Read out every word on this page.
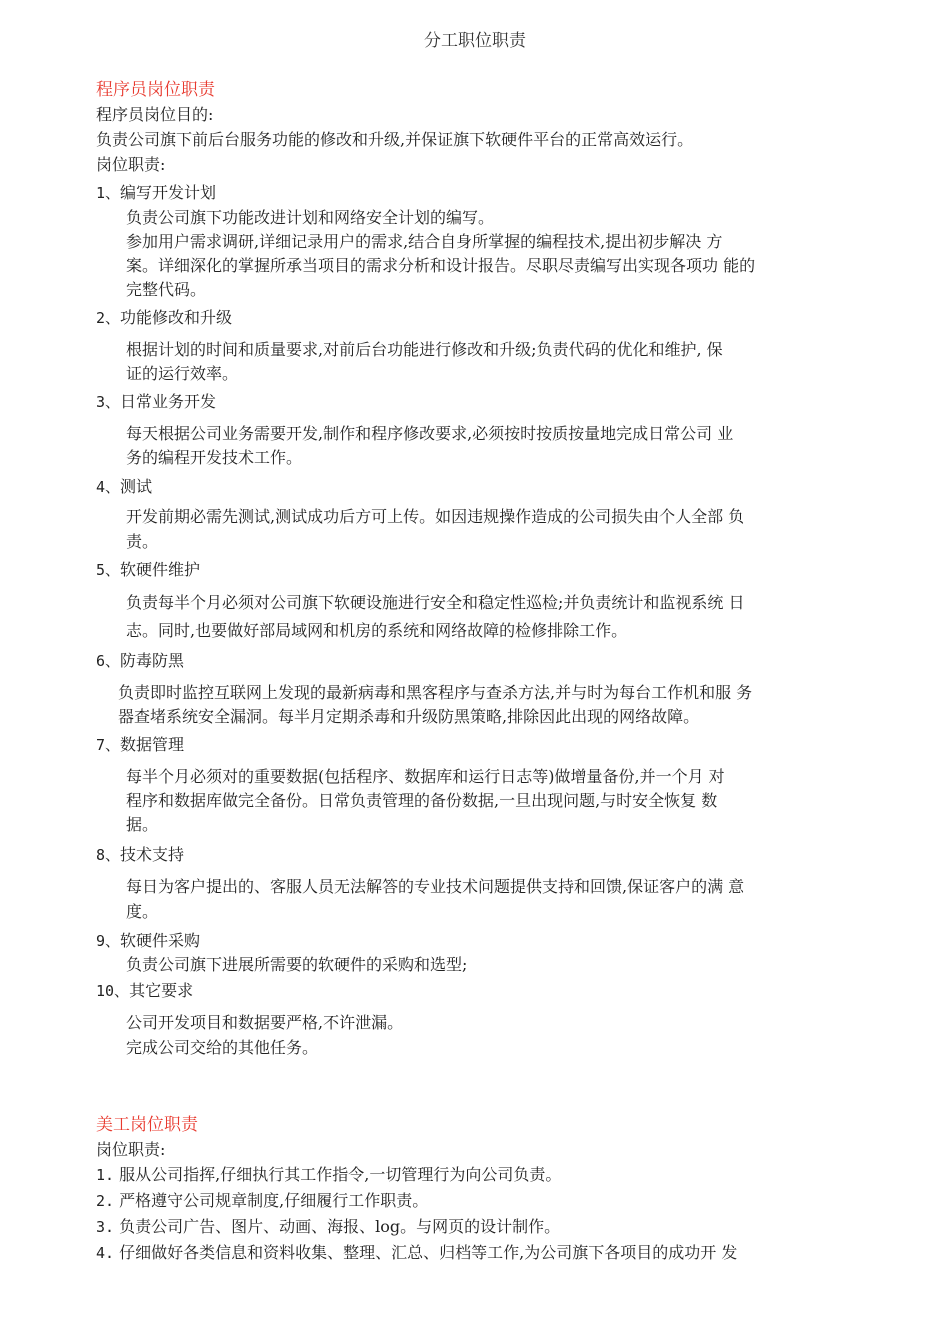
分工职位职责
程序员岗位职责
程序员岗位目的:
负责公司旗下前后台服务功能的修改和升级,并保证旗下软硬件平台的正常高效运行。
岗位职责:
1、编写开发计划
负责公司旗下功能改进计划和网络安全计划的编写。
参加用户需求调研,详细记录用户的需求,结合自身所掌握的编程技术,提出初步解决 方
案。详细深化的掌握所承当项目的需求分析和设计报告。尽职尽责编写出实现各项功 能的
完整代码。
2、功能修改和升级
根据计划的时间和质量要求,对前后台功能进行修改和升级;负责代码的优化和维护, 保
证的运行效率。
3、日常业务开发
每天根据公司业务需要开发,制作和程序修改要求,必须按时按质按量地完成日常公司 业
务的编程开发技术工作。
4、测试
开发前期必需先测试,测试成功后方可上传。如因违规操作造成的公司损失由个人全部 负
责。
5、软硬件维护
负责每半个月必须对公司旗下软硬设施进行安全和稳定性巡检;并负责统计和监视系统 日
志。同时,也要做好部局域网和机房的系统和网络故障的检修排除工作。
6、防毒防黑
负责即时监控互联网上发现的最新病毒和黑客程序与查杀方法,并与时为每台工作机和服 务
器查堵系统安全漏洞。每半月定期杀毒和升级防黑策略,排除因此出现的网络故障。
7、数据管理
每半个月必须对的重要数据(包括程序、数据库和运行日志等)做增量备份,并一个月 对
程序和数据库做完全备份。日常负责管理的备份数据,一旦出现问题,与时安全恢复 数
据。
8、技术支持
每日为客户提出的、客服人员无法解答的专业技术问题提供支持和回馈,保证客户的满 意
度。
9、软硬件采购
负责公司旗下进展所需要的软硬件的采购和选型;
10、其它要求
公司开发项目和数据要严格,不许泄漏。
完成公司交给的其他任务。
美工岗位职责
岗位职责:
1. 服从公司指挥,仔细执行其工作指令,一切管理行为向公司负责。
2. 严格遵守公司规章制度,仔细履行工作职责。
3. 负责公司广告、图片、动画、海报、log。与网页的设计制作。
4. 仔细做好各类信息和资料收集、整理、汇总、归档等工作,为公司旗下各项目的成功开 发
